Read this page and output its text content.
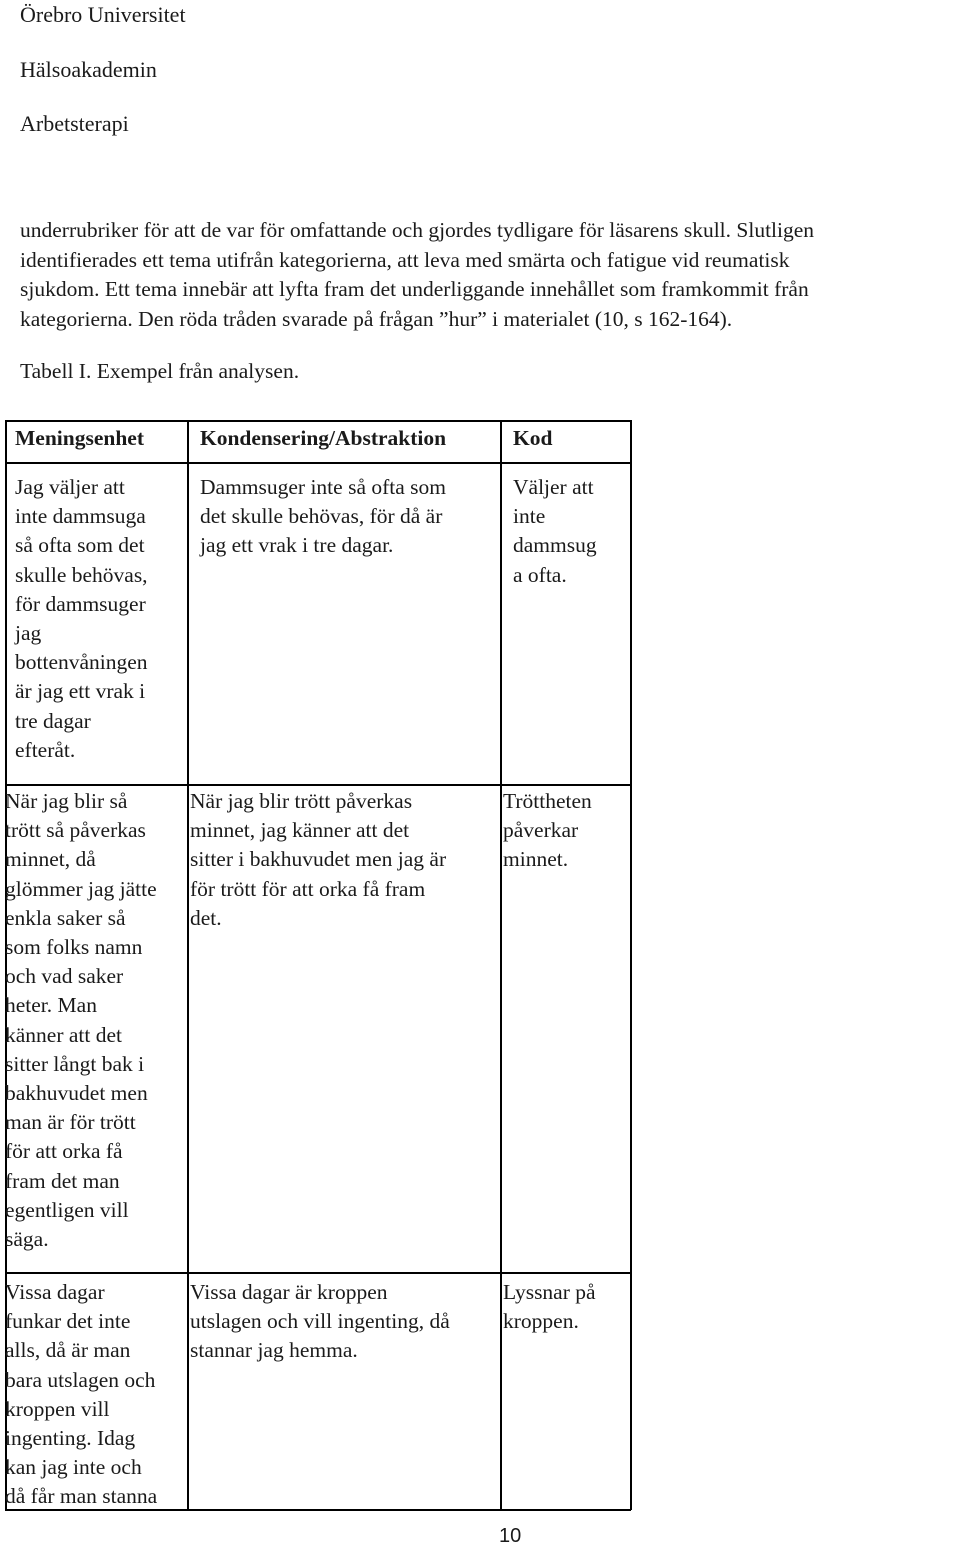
Örebro Universitet

Hälsoakademin

Arbetsterapi

underrubriker för att de var för omfattande och gjordes tydligare för läsarens skull. Slutligen
identifierades ett tema utifrån kategorierna, att leva med smärta och fatigue vid reumatisk
sjukdom. Ett tema innebär att lyfta fram det underliggande innehållet som framkommit från
kategorierna. Den röda tråden svarade på frågan ”hur” i materialet (10, s 162-164).

Tabell I. Exempel från analysen.

Meningsenhet	Kondensering/Abstraktion	Kod

Jag väljer att
inte dammsuga
så ofta som det
skulle behövas,
för dammsuger
jag
bottenvåningen
är jag ett vrak i
tre dagar
efteråt.

Dammsuger inte så ofta som
det skulle behövas, för då är
jag ett vrak i tre dagar.

Väljer att
inte
dammsug
a ofta.

När jag blir så
trött så påverkas
minnet, då
glömmer jag jätte
enkla saker så
som folks namn
och vad saker
heter. Man
känner att det
sitter långt bak i
bakhuvudet men
man är för trött
för att orka få
fram det man
egentligen vill
säga.

När jag blir trött påverkas
minnet, jag känner att det
sitter i bakhuvudet men jag är
för trött för att orka få fram
det.

Tröttheten
påverkar
minnet.

Vissa dagar
funkar det inte
alls, då är man
bara utslagen och
kroppen vill
ingenting. Idag
kan jag inte och
då får man stanna

Vissa dagar är kroppen
utslagen och vill ingenting, då
stannar jag hemma.

Lyssnar på
kroppen.

10
